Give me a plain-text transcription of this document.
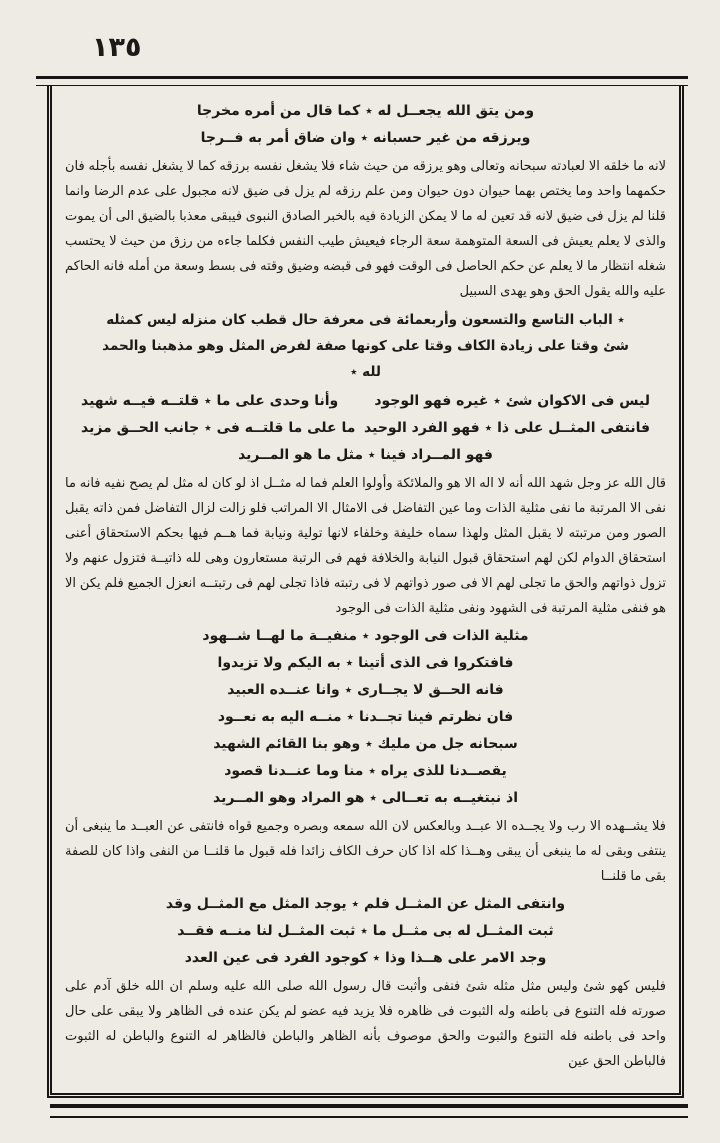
١٣٥
ومن يتق الله يجعــل له ٭ كما قال من أمره مخرجا
ويرزقه من غير حسبانه ٭ وان ضاق أمر به فــرجا

لانه ما خلقه الا لعبادته سبحانه وتعالى وهو يرزقه من حيث شاء فلا يشغل نفسه برزقه كما لا يشغل نفسه بأجله فان حكمهما واحد وما يختص بهما حيوان دون حيوان ومن علم رزقه لم يزل فى ضيق لانه مجبول على عدم الرضا وانما قلنا لم يزل فى ضيق لانه قد تعين له ما لا يمكن الزيادة فيه بالخبر الصادق النبوى فيبقى معذبا بالضيق الى أن يموت والذى لا يعلم يعيش فى السعة المتوهمة سعة الرجاء فيعيش طيب النفس فكلما جاءه من رزق من حيث لا يحتسب شغله انتظار ما لا يعلم عن حكم الحاصل فى الوقت فهو فى قبضه وضيق وقته فى بسط وسعة من أمله فانه الحاكم عليه والله يقول الحق وهو يهدى السبيل

٭ الباب التاسع والتسعون وأربعمائة فى معرفة حال قطب كان منزله ليس كمثله شئ وقتا على زيادة الكاف وقتا على كونها صفة لفرض المثل وهو مذهبنا والحمد لله ٭
ليس فى الاكوان شئ ٭ غيره فهو الوجود
وأنا وحدى على ما ٭ قلتــه فيــه شهيد
فانتفى المثــل على ذا ٭ فهو الفرد الوحيد
ما على ما قلتــه فى ٭ جانب الحــق مزيد
فهو المــراد فينا ٭ مثل ما هو المــريد

قال الله عز وجل شهد الله أنه لا اله الا هو والملائكة وأولوا العلم فما له مثــل اذ لو كان له مثل لم يصح نفيه فانه ما نفى الا المرتبة ما نفى مثلية الذات وما عين التفاضل فى الامثال الا المراتب فلو زالت لزال التفاضل فمن ذاته يقبل الصور ومن مرتبته لا يقبل المثل ولهذا سماه خليفة وخلفاء لانها تولية ونيابة فما هــم فيها بحكم الاستحقاق أعنى استحقاق الدوام لكن لهم استحقاق قبول النيابة والخلافة فهم فى الرتبة مستعارون وهى لله ذاتيــة فتزول عنهم ولا تزول ذواتهم والحق ما تجلى لهم الا فى صور ذواتهم لا فى رتبته فاذا تجلى لهم فى رتبتــه انعزل الجميع فلم يكن الا هو فنفى مثلية المرتبة فى الشهود ونفى مثلية الذات فى الوجود

مثلية الذات فى الوجود ٭ منفيــة ما لهــا شــهود
فافتكروا فى الذى أتينا ٭ به اليكم ولا تزيدوا
فانه الحــق لا يجــارى ٭ وانا عنــده العبيد
فان نظرتم فينا تجــدنا ٭ منــه اليه به نعــود
سبحانه جل من مليك ٭ وهو بنا القائم الشهيد
يقصــدنا للذى يراه ٭ منا وما عنــدنا قصود
اذ نبتغيــه به تعــالى ٭ هو المراد وهو المــريد

فلا يشــهده الا رب ولا يجــده الا عبــد وبالعكس لان الله سمعه وبصره وجميع قواه فانتفى عن العبــد ما ينبغى أن ينتفى وبقى له ما ينبغى أن يبقى وهــذا كله اذا كان حرف الكاف زائدا فله قبول ما قلنــا من النفى واذا كان للصفة بقى ما قلنــا

وانتفى المثل عن المثــل فلم ٭ يوجد المثل مع المثــل وقد
ثبت المثــل له بى مثــل ما ٭ ثبت المثــل لنا منــه فقــد
وجد الامر على هــذا وذا ٭ كوجود الفرد فى عين العدد

فليس كهو شئ وليس مثل مثله شئ فنفى وأثبت قال رسول الله صلى الله عليه وسلم ان الله خلق آدم على صورته فله التنوع فى باطنه وله الثبوت فى ظاهره فلا يزيد فيه عضو لم يكن عنده فى الظاهر ولا يبقى على حال واحد فى باطنه فله التنوع والثبوت والحق موصوف بأنه الظاهر والباطن فالظاهر له التنوع والباطن له الثبوت فالباطن الحق عين
